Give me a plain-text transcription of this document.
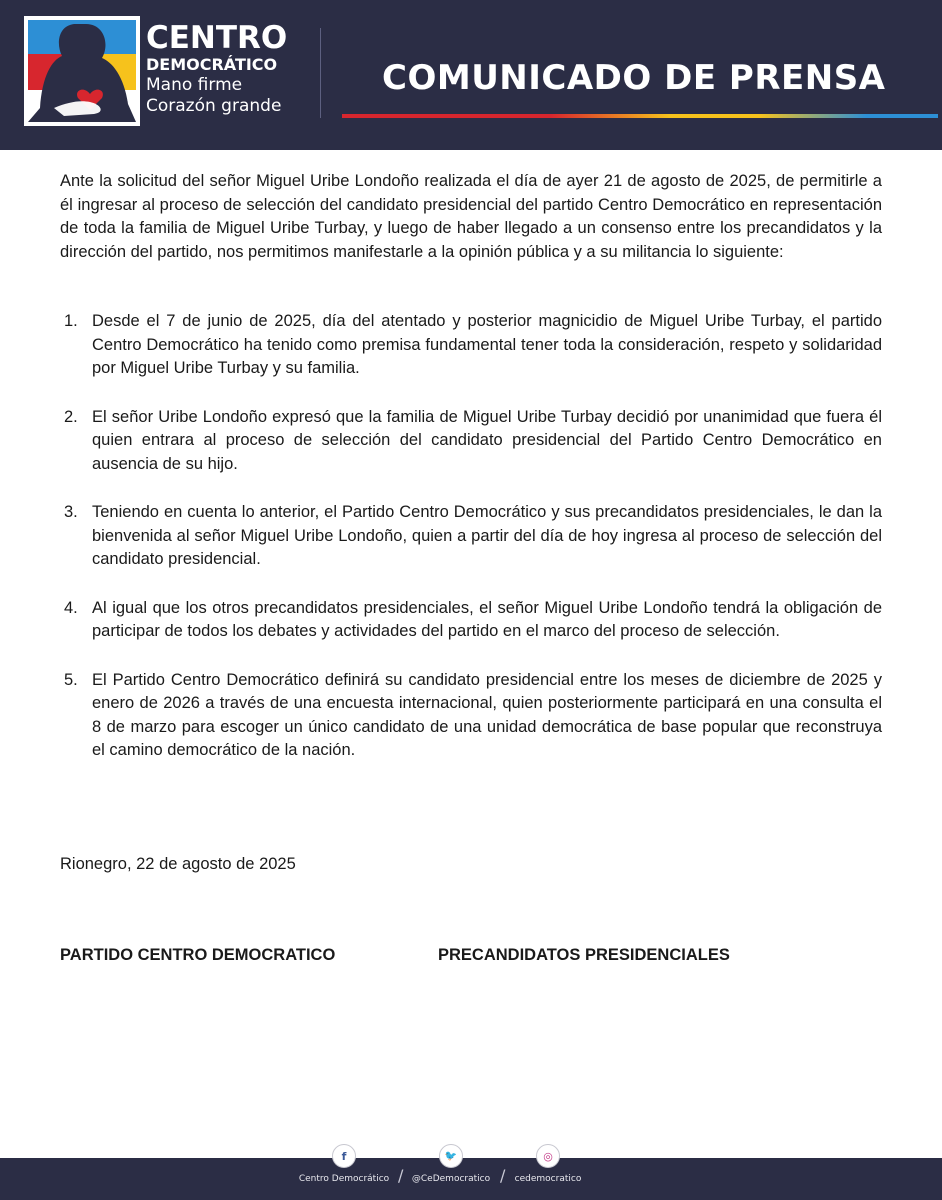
CENTRO
DEMOCRÁTICO
Mano firme
Corazón grande
COMUNICADO DE PRENSA

Ante la solicitud del señor Miguel Uribe Londoño realizada el día de ayer 21 de agosto de 2025, de permitirle a él ingresar al proceso de selección del candidato presidencial del partido Centro Democrático en representación de toda la familia de Miguel Uribe Turbay, y luego de haber llegado a un consenso entre los precandidatos y la dirección del partido, nos permitimos manifestarle a la opinión pública y a su militancia lo siguiente:

1. Desde el 7 de junio de 2025, día del atentado y posterior magnicidio de Miguel Uribe Turbay, el partido Centro Democrático ha tenido como premisa fundamental tener toda la consideración, respeto y solidaridad por Miguel Uribe Turbay y su familia.
2. El señor Uribe Londoño expresó que la familia de Miguel Uribe Turbay decidió por unanimidad que fuera él quien entrara al proceso de selección del candidato presidencial del Partido Centro Democrático en ausencia de su hijo.
3. Teniendo en cuenta lo anterior, el Partido Centro Democrático y sus precandidatos presidenciales, le dan la bienvenida al señor Miguel Uribe Londoño, quien a partir del día de hoy ingresa al proceso de selección del candidato presidencial.
4. Al igual que los otros precandidatos presidenciales, el señor Miguel Uribe Londoño tendrá la obligación de participar de todos los debates y actividades del partido en el marco del proceso de selección.
5. El Partido Centro Democrático definirá su candidato presidencial entre los meses de diciembre de 2025 y enero de 2026 a través de una encuesta internacional, quien posteriormente participará en una consulta el 8 de marzo para escoger un único candidato de una unidad democrática de base popular que reconstruya el camino democrático de la nación.
Rionegro, 22 de agosto de 2025
PARTIDO CENTRO DEMOCRATICO	PRECANDIDATOS PRESIDENCIALES
f
Centro Democrático /
🐦
@CeDemocratico /
◎
cedemocratico
